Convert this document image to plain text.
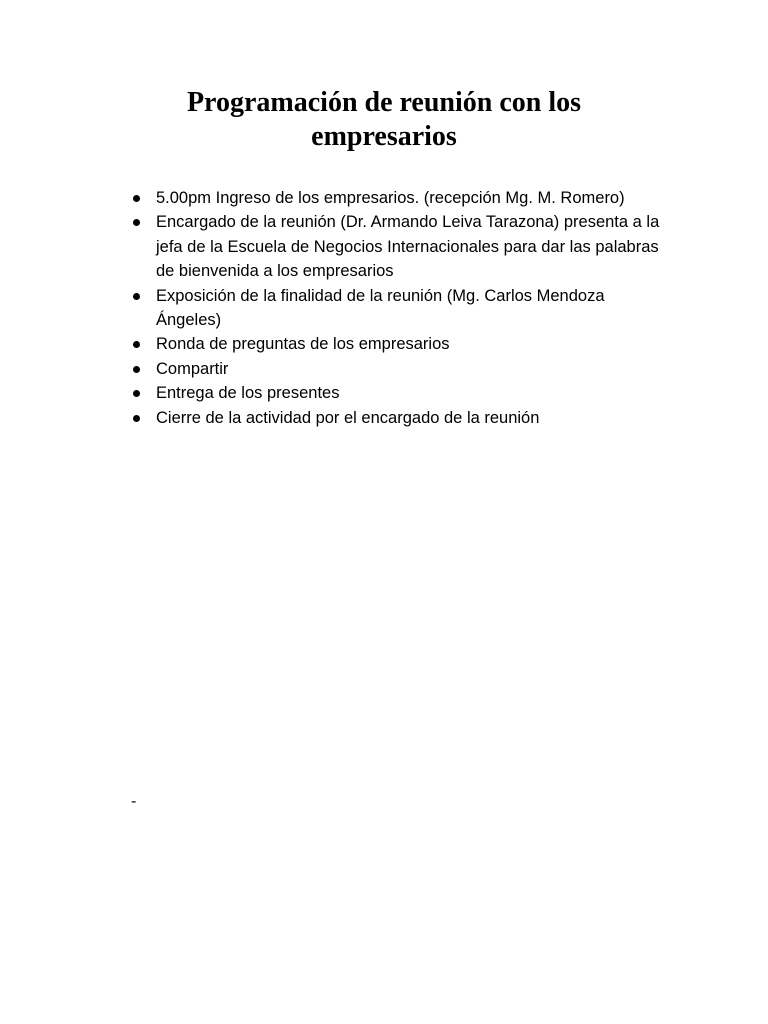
Programación de reunión con los empresarios
5.00pm Ingreso de los empresarios. (recepción Mg. M. Romero)
Encargado de la reunión (Dr. Armando Leiva Tarazona) presenta a la jefa de la Escuela de Negocios Internacionales para dar las palabras de bienvenida a los empresarios
Exposición de la finalidad de la reunión (Mg. Carlos Mendoza Ángeles)
Ronda de preguntas de los empresarios
Compartir
Entrega de los presentes
Cierre de la actividad por el encargado de la reunión
-
